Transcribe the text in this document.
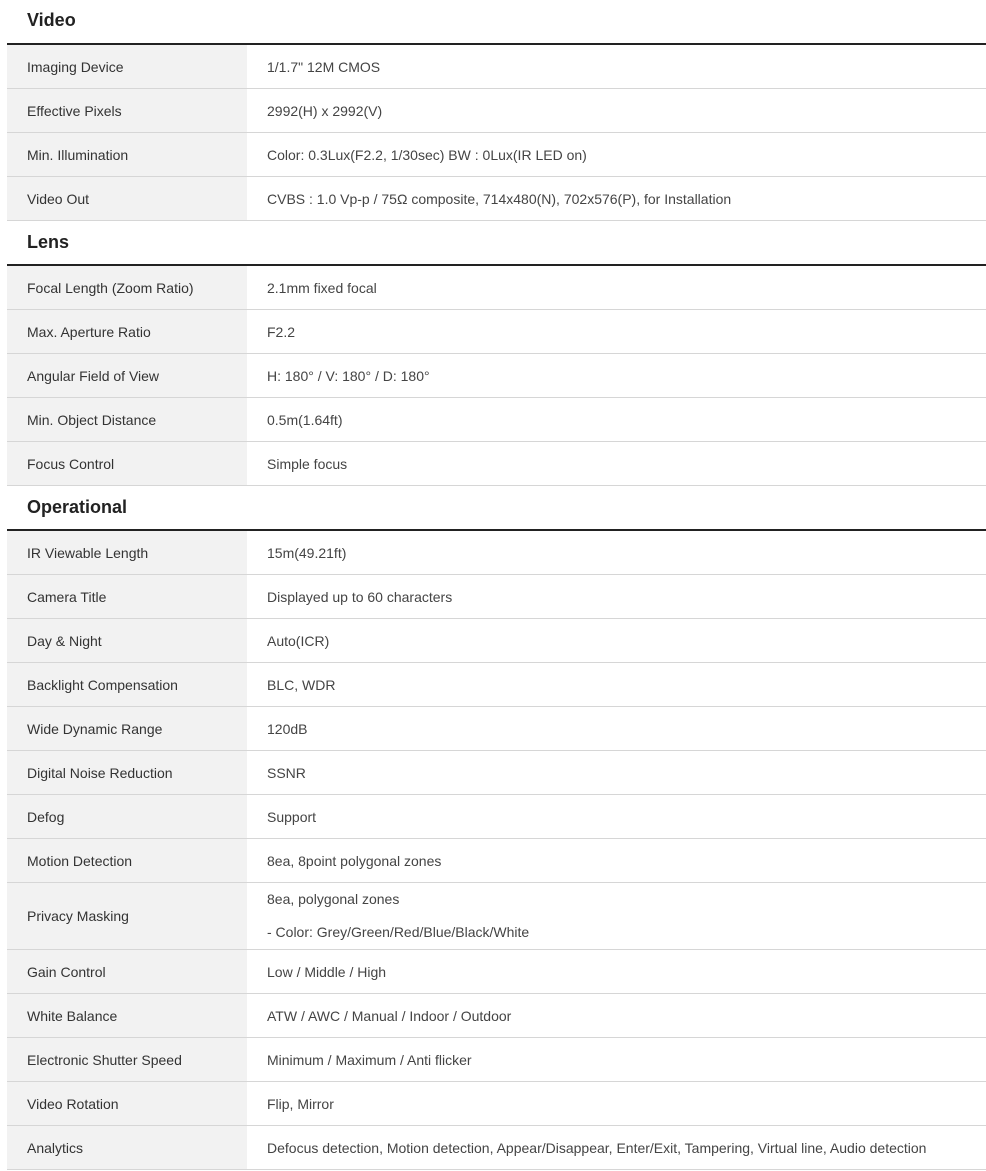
Video
Imaging Device	1/1.7" 12M CMOS
Effective Pixels	2992(H) x 2992(V)
Min. Illumination	Color: 0.3Lux(F2.2, 1/30sec) BW : 0Lux(IR LED on)
Video Out	CVBS : 1.0 Vp-p / 75Ω composite, 714x480(N), 702x576(P), for Installation
Lens
Focal Length (Zoom Ratio)	2.1mm fixed focal
Max. Aperture Ratio	F2.2
Angular Field of View	H: 180° / V: 180° / D: 180°
Min. Object Distance	0.5m(1.64ft)
Focus Control	Simple focus
Operational
IR Viewable Length	15m(49.21ft)
Camera Title	Displayed up to 60 characters
Day & Night	Auto(ICR)
Backlight Compensation	BLC, WDR
Wide Dynamic Range	120dB
Digital Noise Reduction	SSNR
Defog	Support
Motion Detection	8ea, 8point polygonal zones
Privacy Masking	8ea, polygonal zones
- Color: Grey/Green/Red/Blue/Black/White

Gain Control	Low / Middle / High
White Balance	ATW / AWC / Manual / Indoor / Outdoor
Electronic Shutter Speed	Minimum / Maximum / Anti flicker
Video Rotation	Flip, Mirror
Analytics	Defocus detection, Motion detection, Appear/Disappear, Enter/Exit, Tampering, Virtual line, Audio detection
